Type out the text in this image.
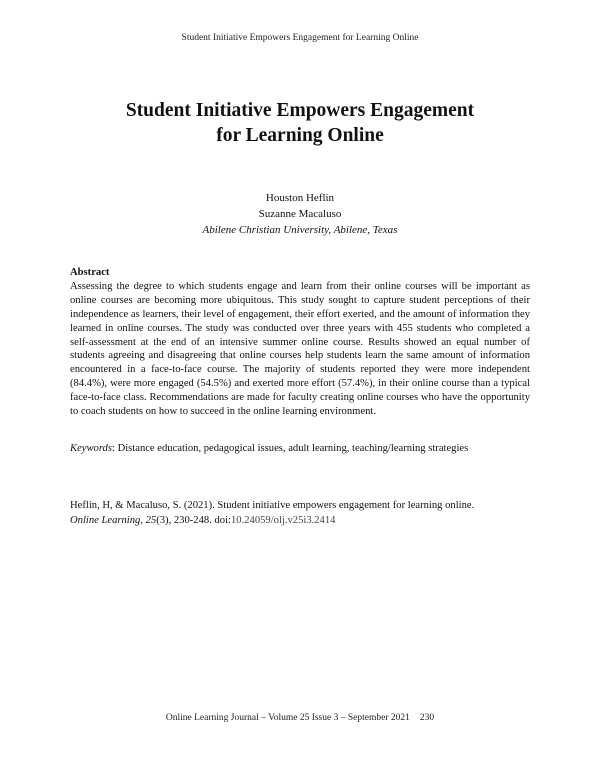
Student Initiative Empowers Engagement for Learning Online
Student Initiative Empowers Engagement
for Learning Online
Houston Heflin
Suzanne Macaluso
Abilene Christian University, Abilene, Texas
Abstract
Assessing the degree to which students engage and learn from their online courses will be important as online courses are becoming more ubiquitous. This study sought to capture student perceptions of their independence as learners, their level of engagement, their effort exerted, and the amount of information they learned in online courses. The study was conducted over three years with 455 students who completed a self-assessment at the end of an intensive summer online course. Results showed an equal number of students agreeing and disagreeing that online courses help students learn the same amount of information encountered in a face-to-face course. The majority of students reported they were more independent (84.4%), were more engaged (54.5%) and exerted more effort (57.4%), in their online course than a typical face-to-face class. Recommendations are made for faculty creating online courses who have the opportunity to coach students on how to succeed in the online learning environment.
Keywords: Distance education, pedagogical issues, adult learning, teaching/learning strategies
Heflin, H, & Macaluso, S. (2021). Student initiative empowers engagement for learning online.
Online Learning, 25(3), 230-248. doi:10.24059/olj.v25i3.2414
Online Learning Journal – Volume 25 Issue 3 – September 2021 230
